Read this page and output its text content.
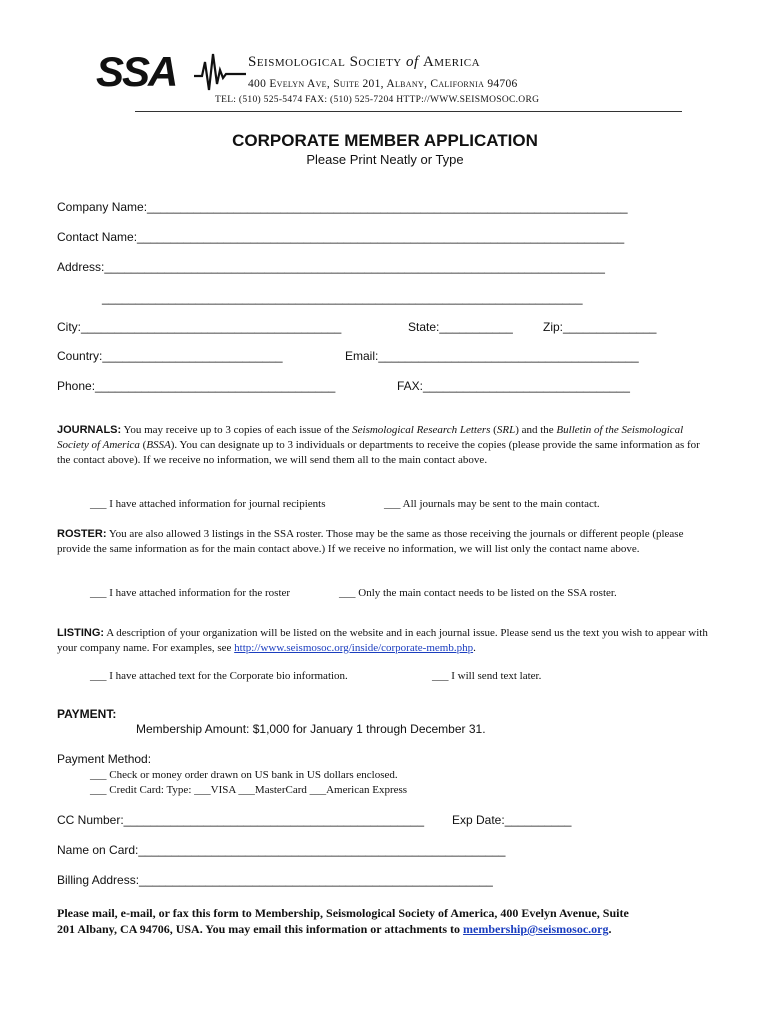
SSA	Seismological Society of America
400 Evelyn Ave, Suite 201, Albany, California 94706
TEL: (510) 525-5474 FAX: (510) 525-7204 HTTP://WWW.SEISMOSOC.ORG
CORPORATE MEMBER APPLICATION
Please Print Neatly or Type
Company Name:________________________________________________________________________
Contact Name:_________________________________________________________________________
Address:___________________________________________________________________________
________________________________________________________________________
City:_______________________________________	State:___________	Zip:______________
Country:___________________________	Email:_______________________________________
Phone:____________________________________	FAX:_______________________________
JOURNALS: You may receive up to 3 copies of each issue of the Seismological Research Letters (SRL) and the Bulletin of the Seismological Society of America (BSSA). You can designate up to 3 individuals or departments to receive the copies (please provide the same information as for the contact above). If we receive no information, we will send them all to the main contact above.
___ I have attached information for journal recipients	___ All journals may be sent to the main contact.
ROSTER: You are also allowed 3 listings in the SSA roster. Those may be the same as those receiving the journals or different people (please provide the same information as for the main contact above.) If we receive no information, we will list only the contact name above.
___ I have attached information for the roster	___ Only the main contact needs to be listed on the SSA roster.
LISTING: A description of your organization will be listed on the website and in each journal issue. Please send us the text you wish to appear with your company name. For examples, see http://www.seismosoc.org/inside/corporate-memb.php.
___ I have attached text for the Corporate bio information.	___ I will send text later.
PAYMENT:
Membership Amount: $1,000 for January 1 through December 31.
Payment Method:
___ Check or money order drawn on US bank in US dollars enclosed.
___ Credit Card: Type: ___VISA ___MasterCard ___American Express
CC Number:_____________________________________________ Exp Date:__________
Name on Card:_______________________________________________________
Billing Address:_____________________________________________________
Please mail, e-mail, or fax this form to Membership, Seismological Society of America, 400 Evelyn Avenue, Suite 201 Albany, CA 94706, USA. You may email this information or attachments to membership@seismosoc.org.
